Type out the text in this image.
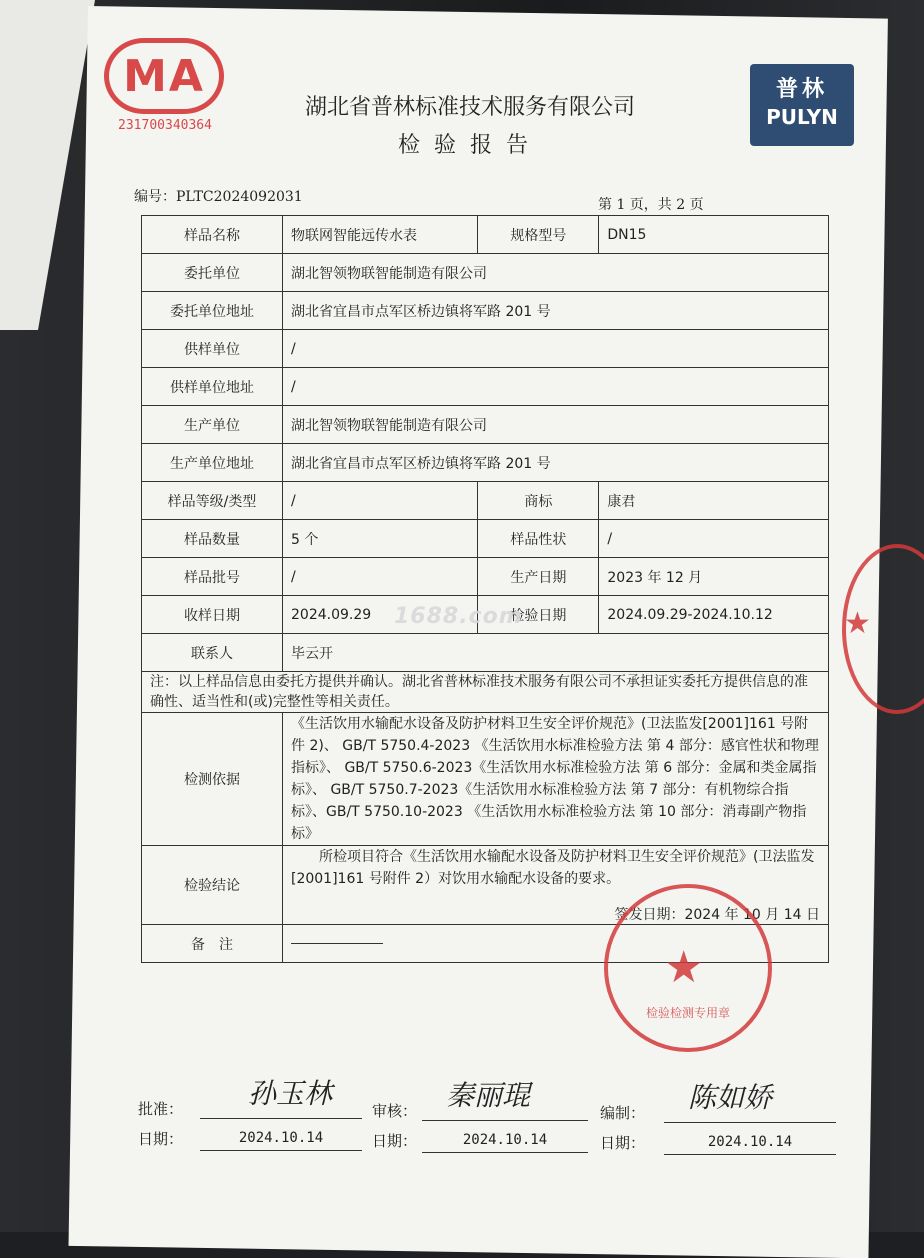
MA
231700340364
湖北省普林标准技术服务有限公司
检验报告
普林
PULYN
编号：PLTC2024092031	第 1 页，共 2 页
样品名称	物联网智能远传水表	规格型号	DN15
委托单位	湖北智领物联智能制造有限公司		
委托单位地址	湖北省宜昌市点军区桥边镇将军路 201 号		
供样单位	/		
供样单位地址	/		
生产单位	湖北智领物联智能制造有限公司		
生产单位地址	湖北省宜昌市点军区桥边镇将军路 201 号		
样品等级/类型	/	商标	康君
样品数量	5 个	样品性状	/
样品批号	/	生产日期	2023 年 12 月
收样日期	2024.09.29	检验日期	2024.09.29-2024.10.12
联系人	毕云开		
注：以上样品信息由委托方提供并确认。湖北省普林标准技术服务有限公司不承担证实委托方提供信息的准确性、适当性和(或)完整性等相关责任。			
检测依据	《生活饮用水输配水设备及防护材料卫生安全评价规范》(卫法监发[2001]161 号附件 2)、 GB/T 5750.4-2023 《生活饮用水标准检验方法 第 4 部分：感官性状和物理指标》、 GB/T 5750.6-2023《生活饮用水标准检验方法 第 6 部分：金属和类金属指标》、 GB/T 5750.7-2023《生活饮用水标准检验方法 第 7 部分：有机物综合指标》、GB/T 5750.10-2023 《生活饮用水标准检验方法 第 10 部分：消毒副产物指标》		
检验结论	所检项目符合《生活饮用水输配水设备及防护材料卫生安全评价规范》(卫法监发[2001]161 号附件 2）对饮用水输配水设备的要求。
签发日期：2024 年 10 月 14 日		

备　注			
1688.com
★
检验检测专用章
★
批准： 孙玉林
审核： 秦丽琨
编制： 陈如娇
日期：	2024.10.14	日期：	2024.10.14	日期：	2024.10.14
